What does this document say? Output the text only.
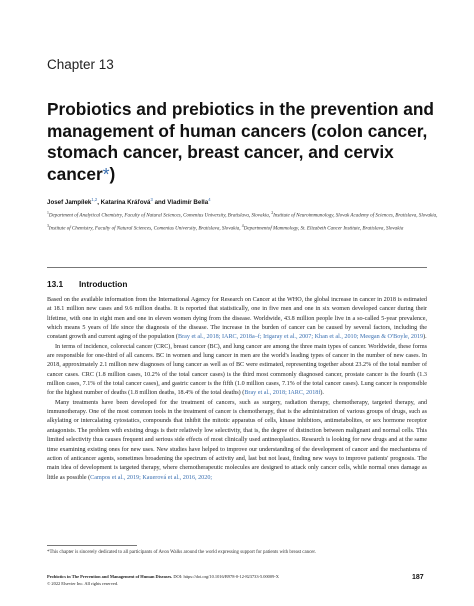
Chapter 13
Probiotics and prebiotics in the prevention and management of human cancers (colon cancer, stomach cancer, breast cancer, and cervix cancer*)
Josef Jampílek$^{1,2}$, Katarína Kráľová$^3$ and Vladimír Bella$^4$
$^1$Department of Analytical Chemistry, Faculty of Natural Sciences, Comenius University, Bratislava, Slovakia, $^2$Institute of Neuroimmunology, Slovak Academy of Sciences, Bratislava, Slovakia, $^3$Institute of Chemistry, Faculty of Natural Sciences, Comenius University, Bratislava, Slovakia, $^4$Departmentof Mammology, St. Elizabeth Cancer Institute, Bratislava, Slovakia
13.1 Introduction

Based on the available information from the International Agency for Research on Cancer at the WHO, the global increase in cancer in 2018 is estimated at 18.1 million new cases and 9.6 million deaths. It is reported that statistically, one in five men and one in six women developed cancer during their lifetime, with one in eight men and one in eleven women dying from the disease. Worldwide, 43.8 million people live in a so-called 5-year prevalence, which means 5 years of life since the diagnosis of the disease. The increase in the burden of cancer can be caused by several factors, including the constant growth and current aging of the population (Bray et al., 2018; IARC, 2018a–f; Irigaray et al., 2007; Khan et al., 2010; Meegan & O'Boyle, 2019).

In terms of incidence, colorectal cancer (CRC), breast cancer (BC), and lung cancer are among the three main types of cancer. Worldwide, these forms are responsible for one-third of all cancers. BC in women and lung cancer in men are the world's leading types of cancer in the number of new cases. In 2018, approximately 2.1 million new diagnoses of lung cancer as well as of BC were estimated, representing together about 23.2% of the total number of cancer cases. CRC (1.8 million cases, 10.2% of the total cancer cases) is the third most commonly diagnosed cancer, prostate cancer is the fourth (1.3 million cases, 7.1% of the total cancer cases), and gastric cancer is the fifth (1.0 million cases, 7.1% of the total cancer cases). Lung cancer is responsible for the highest number of deaths (1.8 million deaths, 18.4% of the total deaths) (Bray et al., 2018; IARC, 2018f).

Many treatments have been developed for the treatment of cancers, such as surgery, radiation therapy, chemotherapy, targeted therapy, and immunotherapy. One of the most common tools in the treatment of cancer is chemotherapy, that is the administration of various groups of drugs, such as alkylating or intercalating cytostatics, compounds that inhibit the mitotic apparatus of cells, kinase inhibitors, antimetabolites, or sex hormone receptor antagonists. The problem with existing drugs is their relatively low selectivity, that is, the degree of distinction between malignant and normal cells. This limited selectivity thus causes frequent and serious side effects of most clinically used antineoplastics. Research is looking for new drugs and at the same time examining existing ones for new uses. New studies have helped to improve our understanding of the development of cancer and the mechanisms of action of anticancer agents, sometimes broadening the spectrum of activity and, last but not least, finding new ways to improve patients' prognosis. The main idea of development is targeted therapy, where chemotherapeutic molecules are designed to attack only cancer cells, while normal ones damage as little as possible (Campos et al., 2019; Kauerová et al., 2016, 2020;

*This chapter is sincerely dedicated to all participants of Avon Walks around the world expressing support for patients with breast cancer.
Probiotics in The Prevention and Management of Human Diseases. DOI: https://doi.org/10.1016/B978-0-12-823733-5.00009-X
© 2022 Elsevier Inc. All rights reserved.
187
